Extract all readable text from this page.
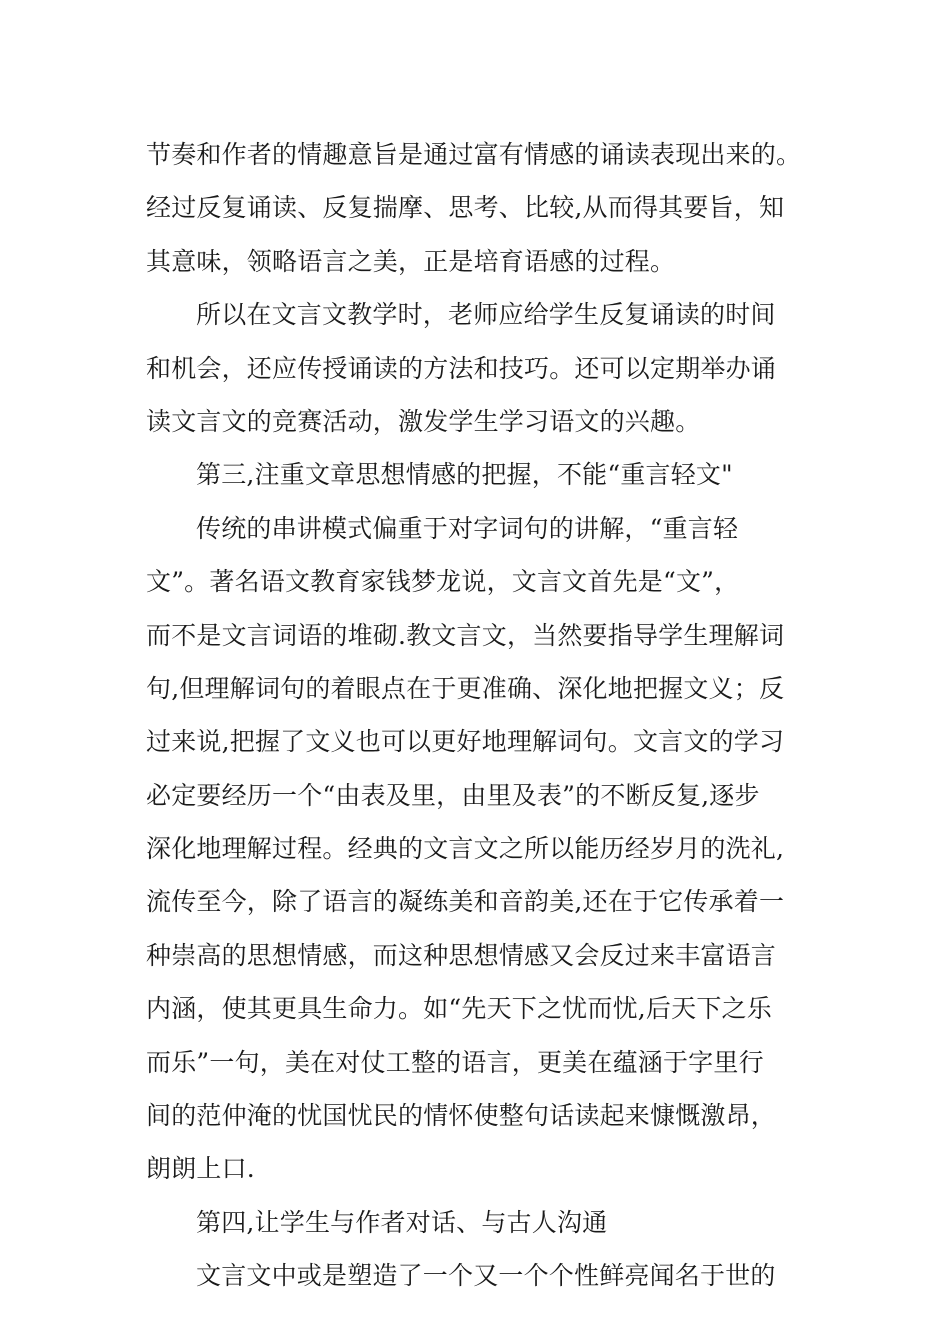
节奏和作者的情趣意旨是通过富有情感的诵读表现出来的。
经过反复诵读、反复揣摩、思考、比较,从而得其要旨，知
其意味，领略语言之美，正是培育语感的过程。
所以在文言文教学时，老师应给学生反复诵读的时间
和机会，还应传授诵读的方法和技巧。还可以定期举办诵
读文言文的竞赛活动，激发学生学习语文的兴趣。
第三,注重文章思想情感的把握，不能“重言轻文"
传统的串讲模式偏重于对字词句的讲解，“重言轻
文”。著名语文教育家钱梦龙说，文言文首先是“文”，
而不是文言词语的堆砌.教文言文，当然要指导学生理解词
句,但理解词句的着眼点在于更准确、深化地把握文义；反
过来说,把握了文义也可以更好地理解词句。文言文的学习
必定要经历一个“由表及里，由里及表”的不断反复,逐步
深化地理解过程。经典的文言文之所以能历经岁月的洗礼,
流传至今，除了语言的凝练美和音韵美,还在于它传承着一
种崇高的思想情感，而这种思想情感又会反过来丰富语言
内涵，使其更具生命力。如“先天下之忧而忧,后天下之乐
而乐”一句，美在对仗工整的语言，更美在蕴涵于字里行
间的范仲淹的忧国忧民的情怀使整句话读起来慷慨激昂，
朗朗上口.
第四,让学生与作者对话、与古人沟通
文言文中或是塑造了一个又一个个性鲜亮闻名于世的
